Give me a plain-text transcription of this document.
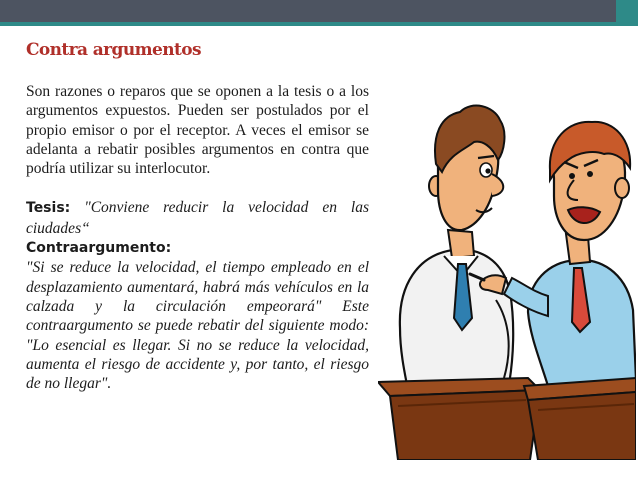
Contra argumentos

Son razones o reparos que se oponen a la tesis o a los argumentos expuestos. Pueden ser postulados por el propio emisor o por el receptor. A veces el emisor se adelanta a rebatir posibles argumentos en contra que podría utilizar su interlocutor.

Tesis: "Conviene reducir la velocidad en las ciudades“

Contraargumento:

"Si se reduce la velocidad, el tiempo empleado en el desplazamiento aumentará, habrá más vehículos en la calzada y la circulación empeorará" Este contraargumento se puede rebatir del siguiente modo: "Lo esencial es llegar. Si no se reduce la velocidad, aumenta el riesgo de accidente y, por tanto, el riesgo de no llegar".
